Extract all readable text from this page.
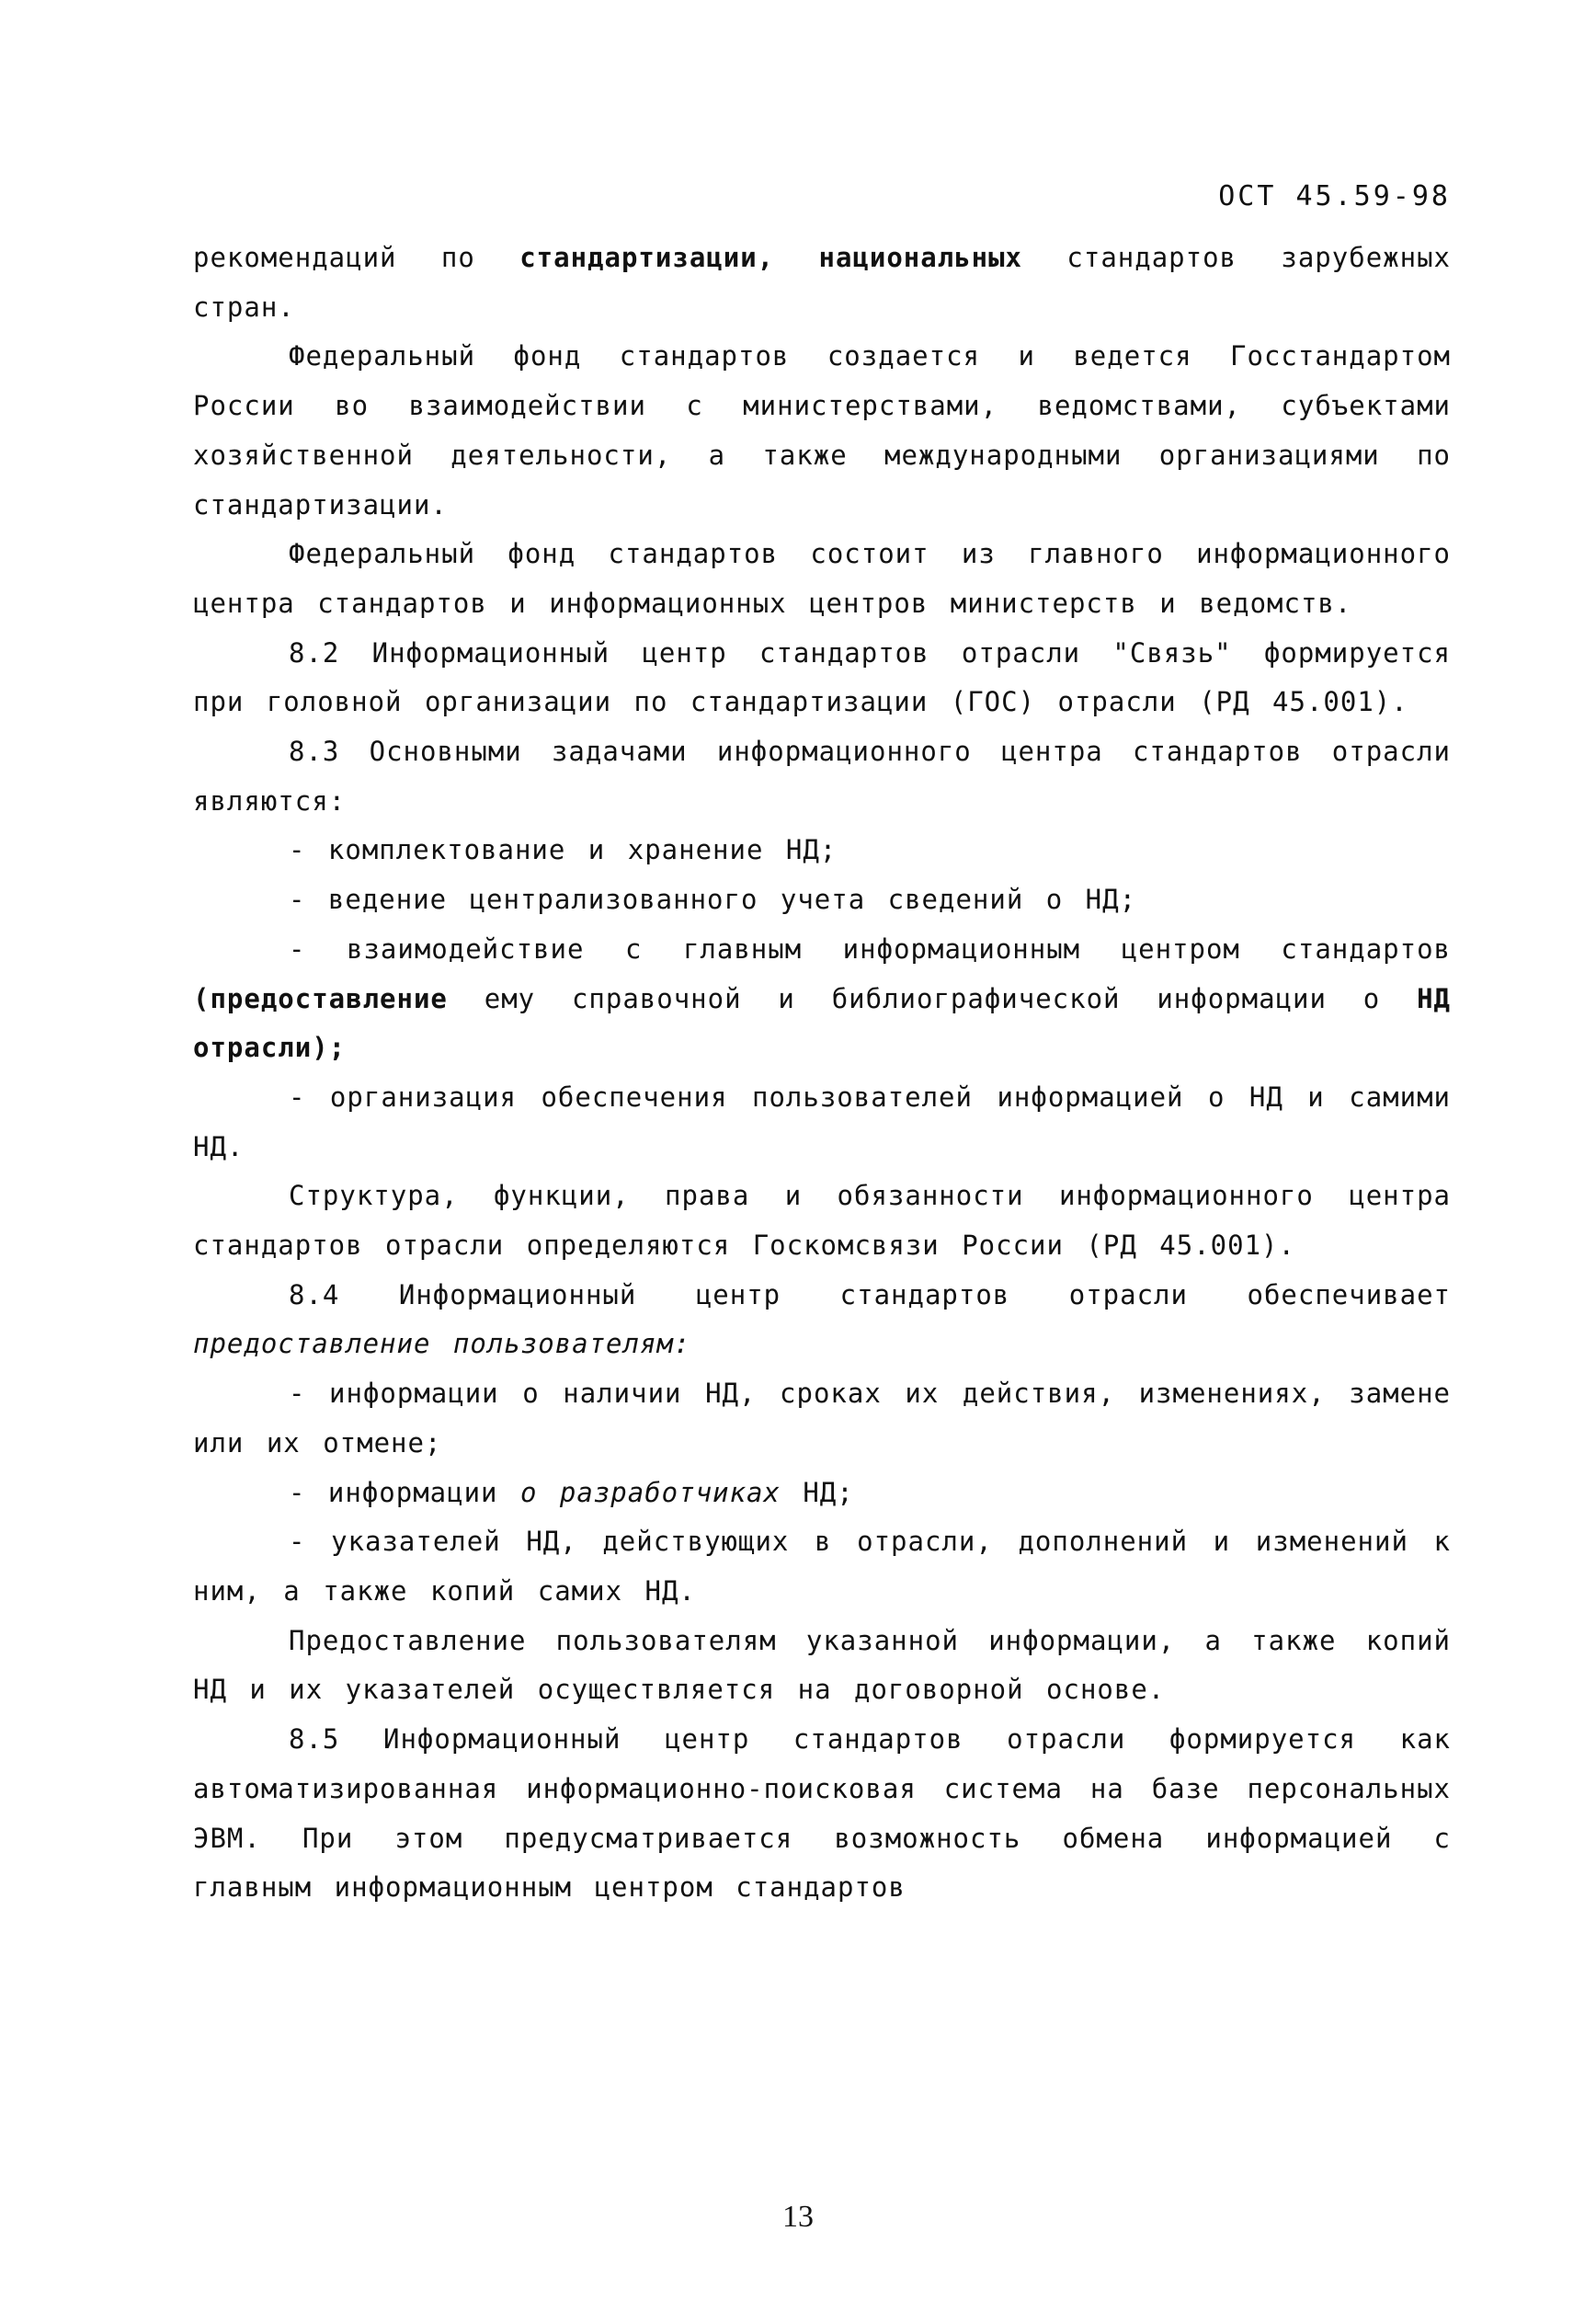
ОСТ 45.59-98

рекомендаций по стандартизации, национальных стандартов зарубежных стран.

Федеральный фонд стандартов создается и ведется Госстандартом России во взаимодействии с министерствами, ведомствами, субъектами хозяйственной деятельности, а также международными организациями по стандартизации.

Федеральный фонд стандартов состоит из главного информационного центра стандартов и информационных центров министерств и ведомств.

8.2 Информационный центр стандартов отрасли "Связь" формируется при головной организации по стандартизации (ГОС) отрасли (РД 45.001).

8.3 Основными задачами информационного центра стандартов отрасли являются:

- комплектование и хранение НД;

- ведение централизованного учета сведений о НД;

- взаимодействие с главным информационным центром стандартов (предоставление ему справочной и библиографической информации о НД отрасли);

- организация обеспечения пользователей информацией о НД и самими НД.

Структура, функции, права и обязанности информационного центра стандартов отрасли определяются Госкомсвязи России (РД 45.001).

8.4 Информационный центр стандартов отрасли обеспечивает предоставление пользователям:

- информации о наличии НД, сроках их действия, изменениях, замене или их отмене;

- информации о разработчиках НД;

- указателей НД, действующих в отрасли, дополнений и изменений к ним, а также копий самих НД.

Предоставление пользователям указанной информации, а также копий НД и их указателей осуществляется на договорной основе.

8.5 Информационный центр стандартов отрасли формируется как автоматизированная информационно-поисковая система на базе персональных ЭВМ. При этом предусматривается возможность обмена информацией с главным информационным центром стандартов

13
